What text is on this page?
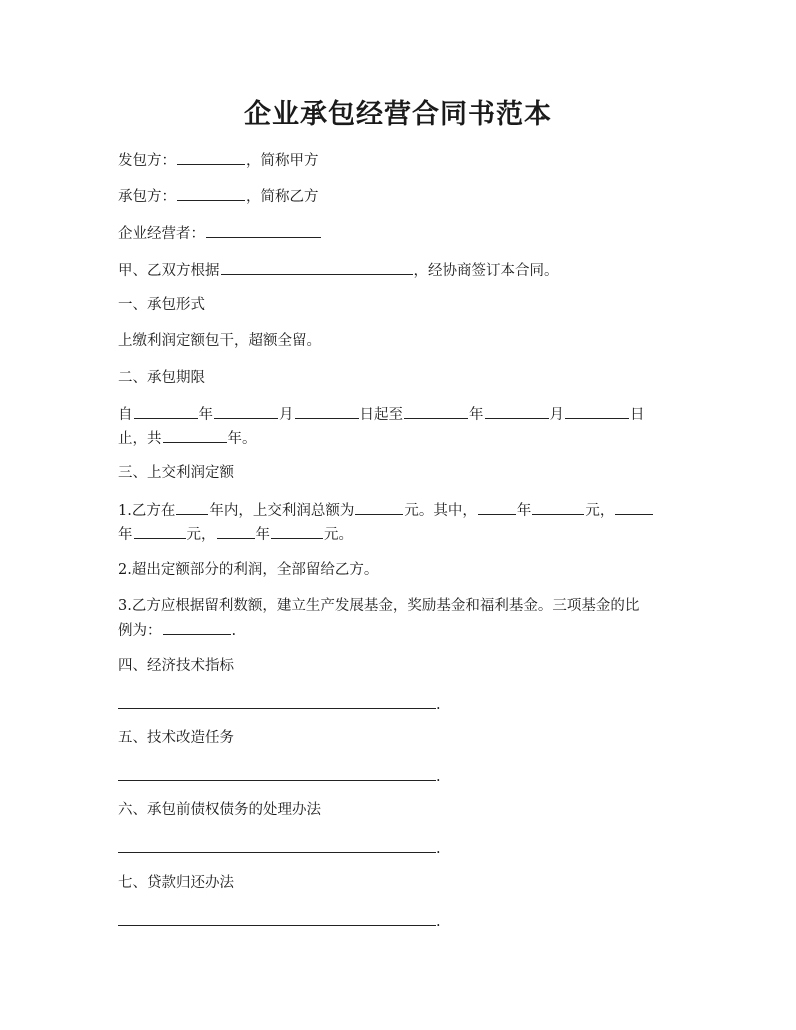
企业承包经营合同书范本
发包方：	，简称甲方
承包方：	，简称乙方
企业经营者：
甲、乙双方根据	，经协商签订本合同。
一、承包形式
上缴利润定额包干，超额全留。
二、承包期限
自	年	月	日起至	年	月	日
止，共	年。
三、上交利润定额
1.乙方在 年内，上交利润总额为	元。其中，	年	元，
年	元，	年	元。
2.超出定额部分的利润，全部留给乙方。
3.乙方应根据留利数额，建立生产发展基金，奖励基金和福利基金。三项基金的比
例为：	.
四、经济技术指标
.
五、技术改造任务
.
六、承包前债权债务的处理办法
.
七、贷款归还办法
.
